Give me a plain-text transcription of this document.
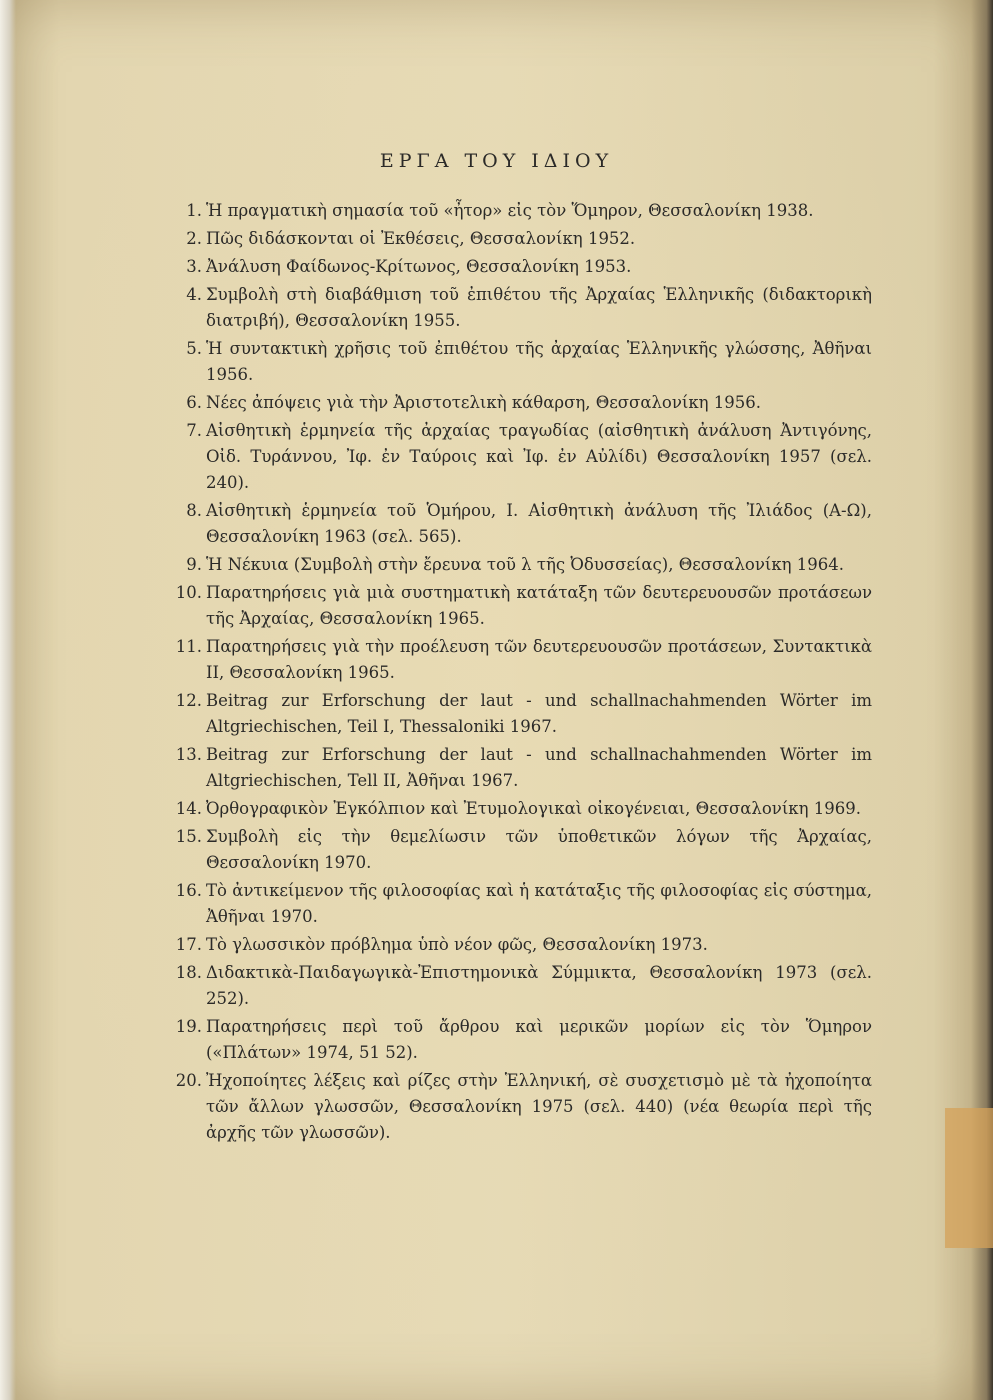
ΕΡΓΑ ΤΟΥ ΙΔΙΟΥ
1. Ἡ πραγματικὴ σημασία τοῦ «ἦτορ» εἰς τὸν Ὅμηρον, Θεσσαλονίκη 1938.
2. Πῶς διδάσκονται οἱ Ἐκθέσεις, Θεσσαλονίκη 1952.
3. Ἀνάλυση Φαίδωνος-Κρίτωνος, Θεσσαλονίκη 1953.
4. Συμβολὴ στὴ διαβάθμιση τοῦ ἐπιθέτου τῆς Ἀρχαίας Ἑλληνικῆς (διδακτορικὴ διατριβή), Θεσσαλονίκη 1955.
5. Ἡ συντακτικὴ χρῆσις τοῦ ἐπιθέτου τῆς ἀρχαίας Ἑλληνικῆς γλώσσης, Ἀθῆναι 1956.
6. Νέες ἀπόψεις γιὰ τὴν Ἀριστοτελικὴ κάθαρση, Θεσσαλονίκη 1956.
7. Αἰσθητικὴ ἑρμηνεία τῆς ἀρχαίας τραγωδίας (αἰσθητικὴ ἀνάλυση Ἀντιγόνης, Οἰδ. Τυράννου, Ἰφ. ἐν Ταύροις καὶ Ἰφ. ἐν Αὐλίδι) Θεσσαλονίκη 1957 (σελ. 240).
8. Αἰσθητικὴ ἑρμηνεία τοῦ Ὁμήρου, Ι. Αἰσθητικὴ ἀνάλυση τῆς Ἰλιάδος (Α-Ω), Θεσσαλονίκη 1963 (σελ. 565).
9. Ἡ Νέκυια (Συμβολὴ στὴν ἔρευνα τοῦ λ τῆς Ὀδυσσείας), Θεσσαλονίκη 1964.
10. Παρατηρήσεις γιὰ μιὰ συστηματικὴ κατάταξη τῶν δευτερευουσῶν προτάσεων τῆς Ἀρχαίας, Θεσσαλονίκη 1965.
11. Παρατηρήσεις γιὰ τὴν προέλευση τῶν δευτερευουσῶν προτάσεων, Συντακτικὰ ΙΙ, Θεσσαλονίκη 1965.
12. Beitrag zur Erforschung der laut - und schallnachahmenden Wörter im Altgriechischen, Teil I, Thessaloniki 1967.
13. Beitrag zur Erforschung der laut - und schallnachahmenden Wörter im Altgriechischen, Tell II, Ἀθῆναι 1967.
14. Ὀρθογραφικὸν Ἐγκόλπιον καὶ Ἐτυμολογικαὶ οἰκογένειαι, Θεσσαλονίκη 1969.
15. Συμβολὴ εἰς τὴν θεμελίωσιν τῶν ὑποθετικῶν λόγων τῆς Ἀρχαίας, Θεσσαλονίκη 1970.
16. Τὸ ἀντικείμενον τῆς φιλοσοφίας καὶ ἡ κατάταξις τῆς φιλοσοφίας εἰς σύστημα, Ἀθῆναι 1970.
17. Τὸ γλωσσικὸν πρόβλημα ὑπὸ νέον φῶς, Θεσσαλονίκη 1973.
18. Διδακτικὰ-Παιδαγωγικὰ-Ἐπιστημονικὰ Σύμμικτα, Θεσσαλονίκη 1973 (σελ. 252).
19. Παρατηρήσεις περὶ τοῦ ἄρθρου καὶ μερικῶν μορίων εἰς τὸν Ὅμηρον («Πλάτων» 1974, 51 52).
20. Ἠχοποίητες λέξεις καὶ ρίζες στὴν Ἑλληνική, σὲ συσχετισμὸ μὲ τὰ ἠχοποίητα τῶν ἄλλων γλωσσῶν, Θεσσαλονίκη 1975 (σελ. 440) (νέα θεωρία περὶ τῆς ἀρχῆς τῶν γλωσσῶν).
